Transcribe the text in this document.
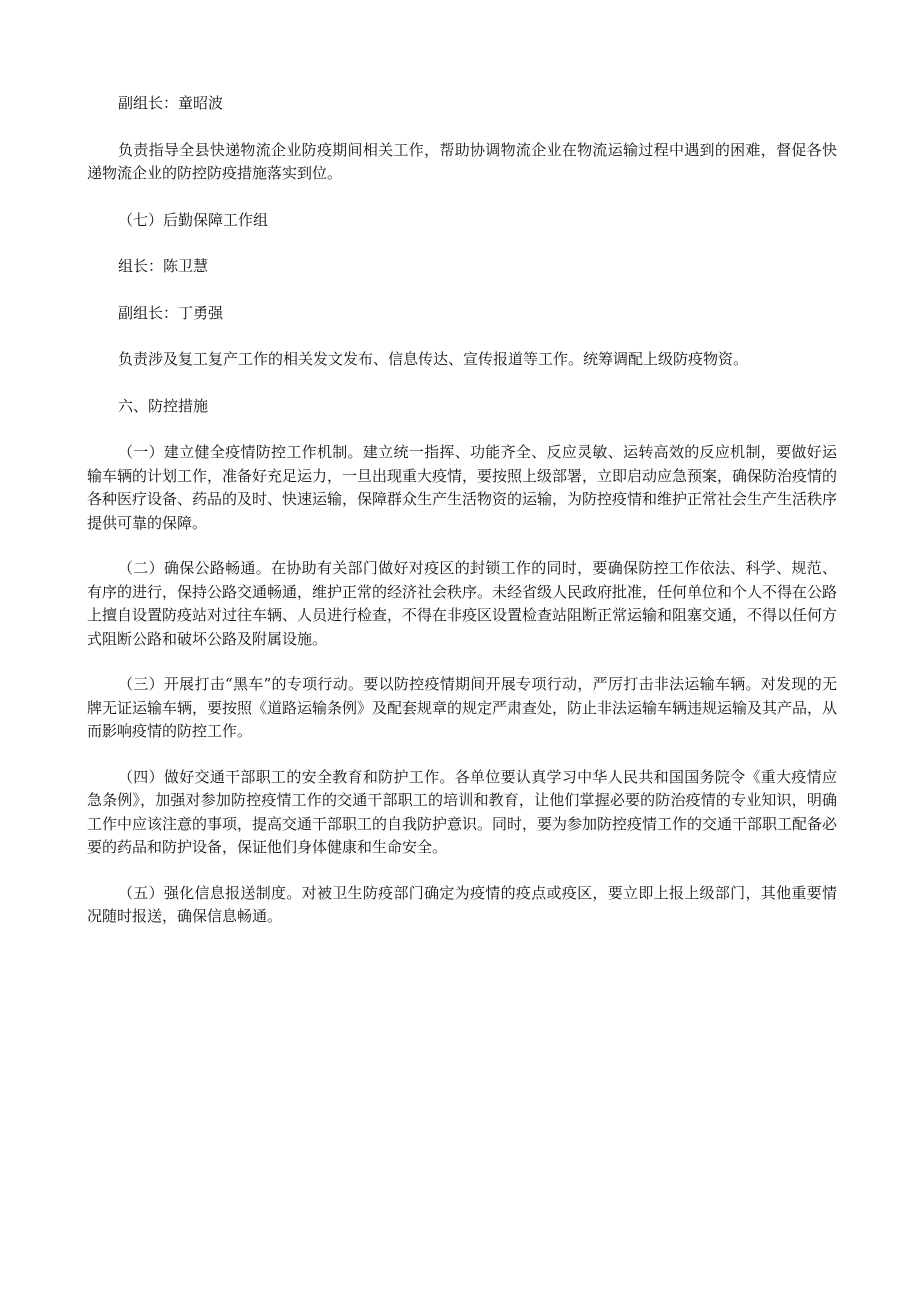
副组长：童昭波

负责指导全县快递物流企业防疫期间相关工作，帮助协调物流企业在物流运输过程中遇到的困难，督促各快递物流企业的防控防疫措施落实到位。

（七）后勤保障工作组

组长：陈卫慧

副组长：丁勇强

负责涉及复工复产工作的相关发文发布、信息传达、宣传报道等工作。统筹调配上级防疫物资。

六、防控措施

（一）建立健全疫情防控工作机制。建立统一指挥、功能齐全、反应灵敏、运转高效的反应机制，要做好运输车辆的计划工作，准备好充足运力，一旦出现重大疫情，要按照上级部署，立即启动应急预案，确保防治疫情的各种医疗设备、药品的及时、快速运输，保障群众生产生活物资的运输，为防控疫情和维护正常社会生产生活秩序提供可靠的保障。

（二）确保公路畅通。在协助有关部门做好对疫区的封锁工作的同时，要确保防控工作依法、科学、规范、有序的进行，保持公路交通畅通，维护正常的经济社会秩序。未经省级人民政府批准，任何单位和个人不得在公路上擅自设置防疫站对过往车辆、人员进行检查，不得在非疫区设置检查站阻断正常运输和阻塞交通，不得以任何方式阻断公路和破坏公路及附属设施。

（三）开展打击“黑车”的专项行动。要以防控疫情期间开展专项行动，严厉打击非法运输车辆。对发现的无牌无证运输车辆，要按照《道路运输条例》及配套规章的规定严肃查处，防止非法运输车辆违规运输及其产品，从而影响疫情的防控工作。

（四）做好交通干部职工的安全教育和防护工作。各单位要认真学习中华人民共和国国务院令《重大疫情应急条例》，加强对参加防控疫情工作的交通干部职工的培训和教育，让他们掌握必要的防治疫情的专业知识，明确工作中应该注意的事项，提高交通干部职工的自我防护意识。同时，要为参加防控疫情工作的交通干部职工配备必要的药品和防护设备，保证他们身体健康和生命安全。

（五）强化信息报送制度。对被卫生防疫部门确定为疫情的疫点或疫区，要立即上报上级部门，其他重要情况随时报送，确保信息畅通。
